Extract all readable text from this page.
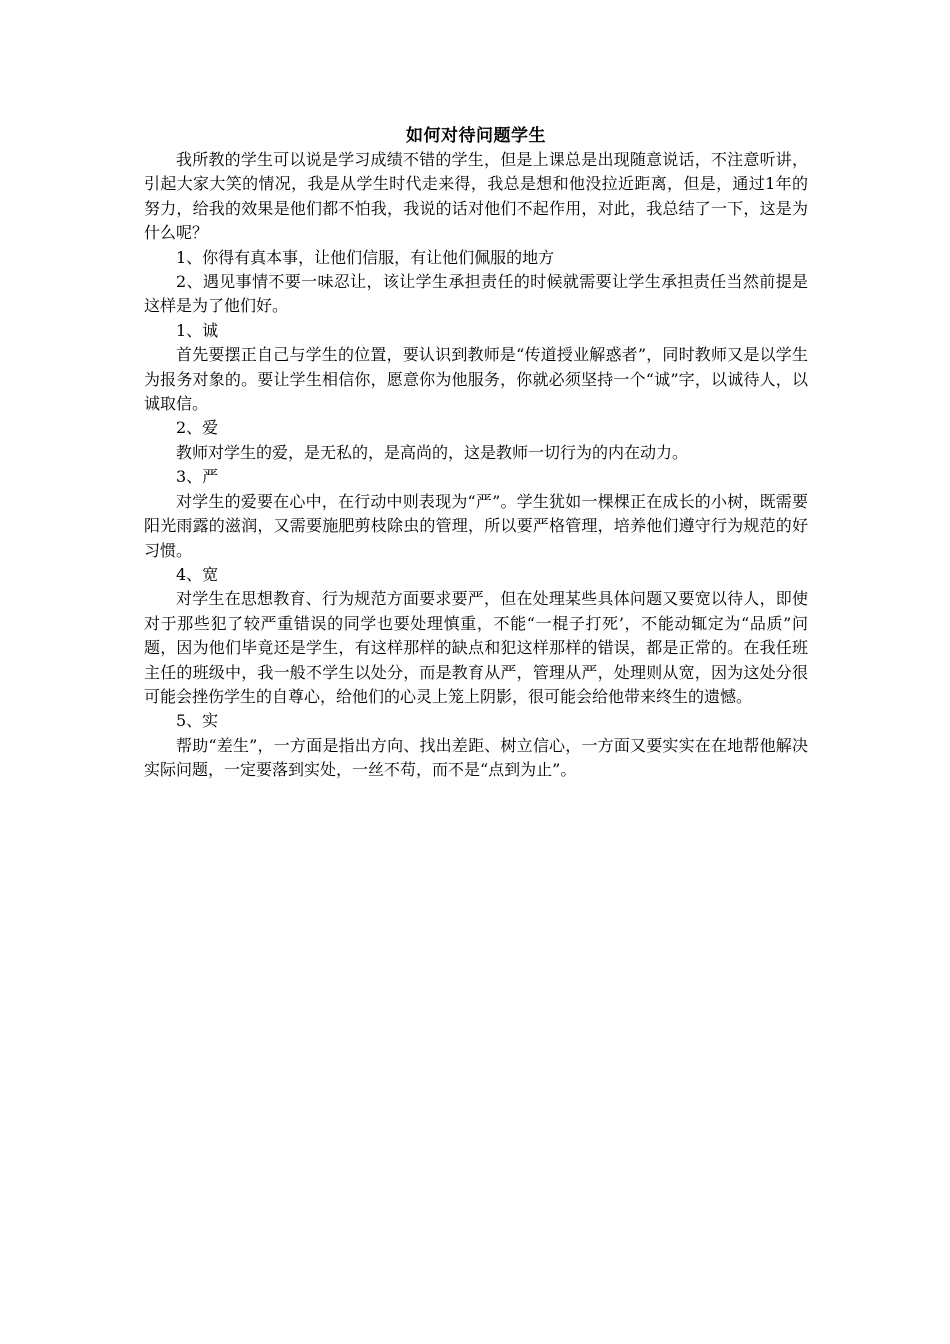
如何对待问题学生

我所教的学生可以说是学习成绩不错的学生，但是上课总是出现随意说话，不注意听讲，引起大家大笑的情况，我是从学生时代走来得，我总是想和他没拉近距离，但是，通过1年的努力，给我的效果是他们都不怕我，我说的话对他们不起作用，对此，我总结了一下，这是为什么呢？

1、你得有真本事，让他们信服，有让他们佩服的地方

2、遇见事情不要一味忍让，该让学生承担责任的时候就需要让学生承担责任当然前提是 这样是为了他们好。

1、诚

首先要摆正自己与学生的位置，要认识到教师是“传道授业解惑者”，同时教师又是以学生为报务对象的。要让学生相信你，愿意你为他服务，你就必须坚持一个“诚”字，以诚待人，以诚取信。

2、爱

教师对学生的爱，是无私的，是高尚的，这是教师一切行为的内在动力。

3、严

对学生的爱要在心中，在行动中则表现为“严”。学生犹如一棵棵正在成长的小树，既需要阳光雨露的滋润，又需要施肥剪枝除虫的管理，所以要严格管理，培养他们遵守行为规范的好习惯。

4、宽

对学生在思想教育、行为规范方面要求要严，但在处理某些具体问题又要宽以待人，即使对于那些犯了较严重错误的同学也要处理慎重，不能“一棍子打死’，不能动辄定为“品质”问题，因为他们毕竟还是学生，有这样那样的缺点和犯这样那样的错误，都是正常的。在我任班主任的班级中，我一般不学生以处分，而是教育从严，管理从严，处理则从宽，因为这处分很可能会挫伤学生的自尊心，给他们的心灵上笼上阴影，很可能会给他带来终生的遗憾。

5、实

帮助“差生”，一方面是指出方向、找出差距、树立信心，一方面又要实实在在地帮他解决实际问题，一定要落到实处，一丝不苟，而不是“点到为止”。
